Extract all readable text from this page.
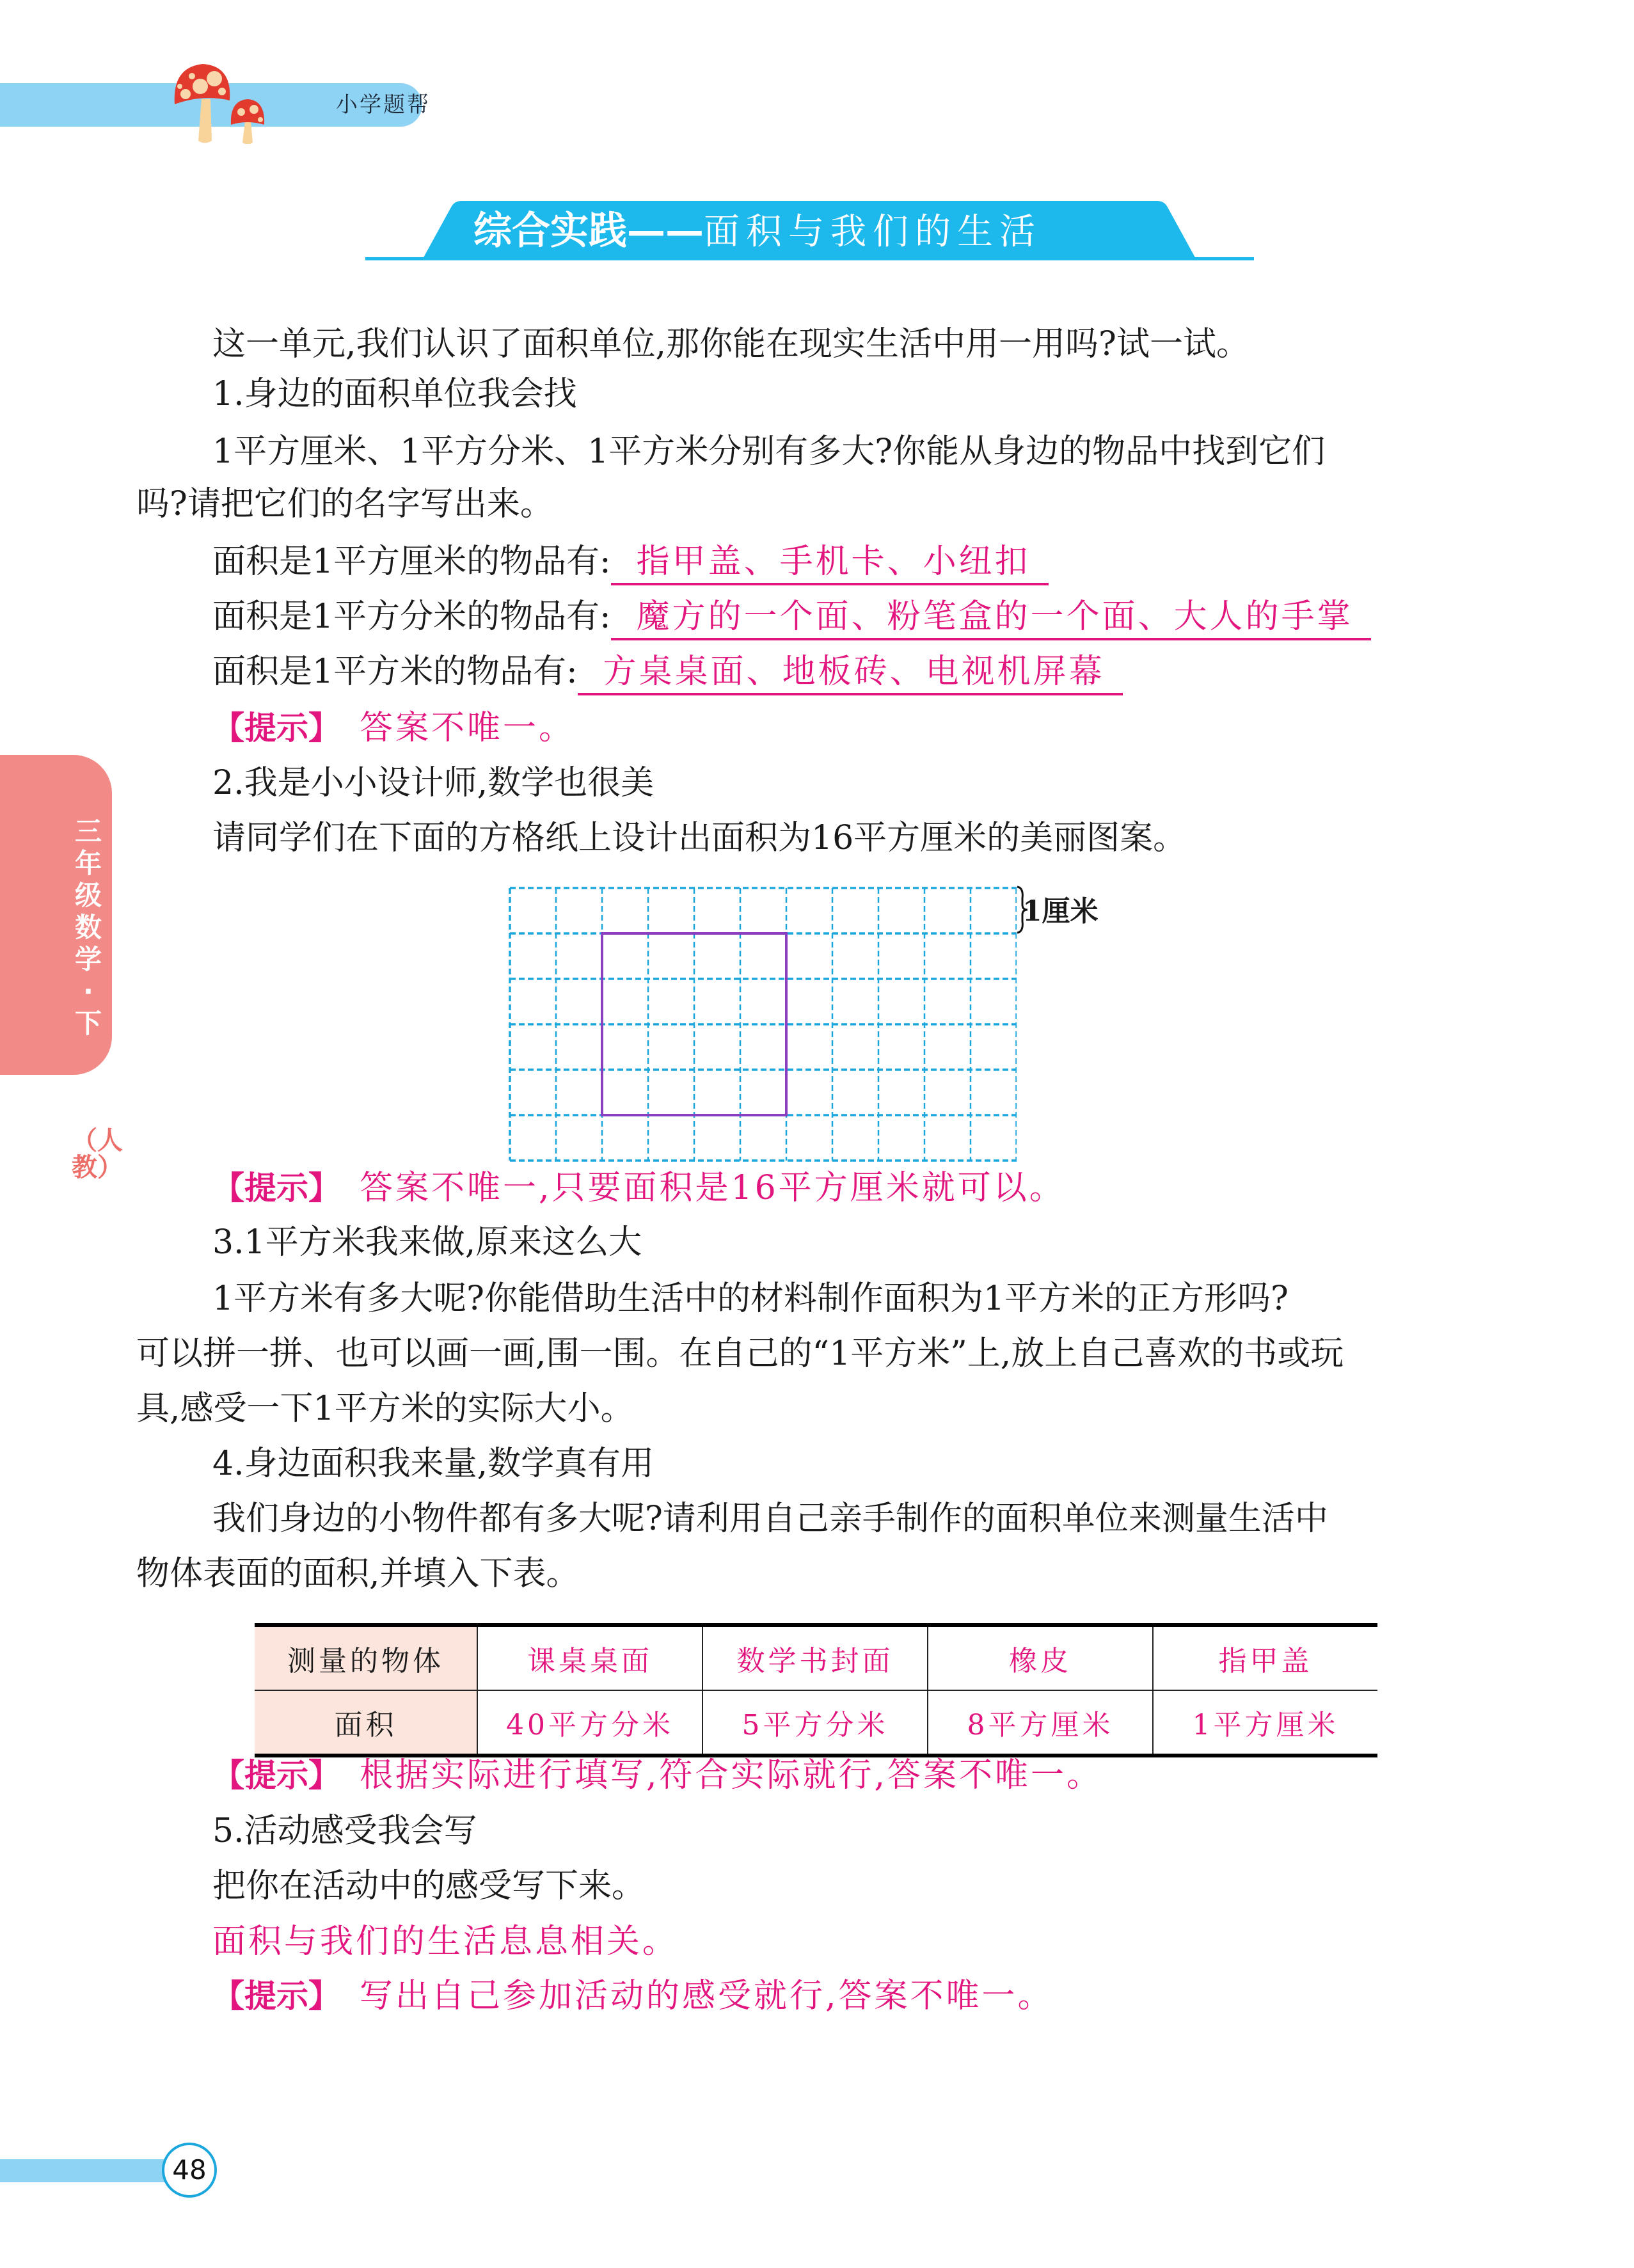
小学题帮
综合实践——面积与我们的生活
三年级数学·下
（人教）
这一单元,我们认识了面积单位,那你能在现实生活中用一用吗?试一试。
1.身边的面积单位我会找
1平方厘米、1平方分米、1平方米分别有多大?你能从身边的物品中找到它们
吗?请把它们的名字写出来。
面积是1平方厘米的物品有: 指甲盖、手机卡、小纽扣
面积是1平方分米的物品有: 魔方的一个面、粉笔盒的一个面、大人的手掌
面积是1平方米的物品有: 方桌桌面、地板砖、电视机屏幕
【提示】 答案不唯一。
2.我是小小设计师,数学也很美
请同学们在下面的方格纸上设计出面积为16平方厘米的美丽图案。
1厘米
【提示】 答案不唯一,只要面积是16平方厘米就可以。
3.1平方米我来做,原来这么大
1平方米有多大呢?你能借助生活中的材料制作面积为1平方米的正方形吗?
可以拼一拼、也可以画一画,围一围。在自己的“1平方米”上,放上自己喜欢的书或玩
具,感受一下1平方米的实际大小。
4.身边面积我来量,数学真有用
我们身边的小物件都有多大呢?请利用自己亲手制作的面积单位来测量生活中
物体表面的面积,并填入下表。
测量的物体	课桌桌面	数学书封面	橡皮	指甲盖
面积	40平方分米	5平方分米	8平方厘米	1平方厘米
【提示】 根据实际进行填写,符合实际就行,答案不唯一。
5.活动感受我会写
把你在活动中的感受写下来。
面积与我们的生活息息相关。
【提示】 写出自己参加活动的感受就行,答案不唯一。
48
